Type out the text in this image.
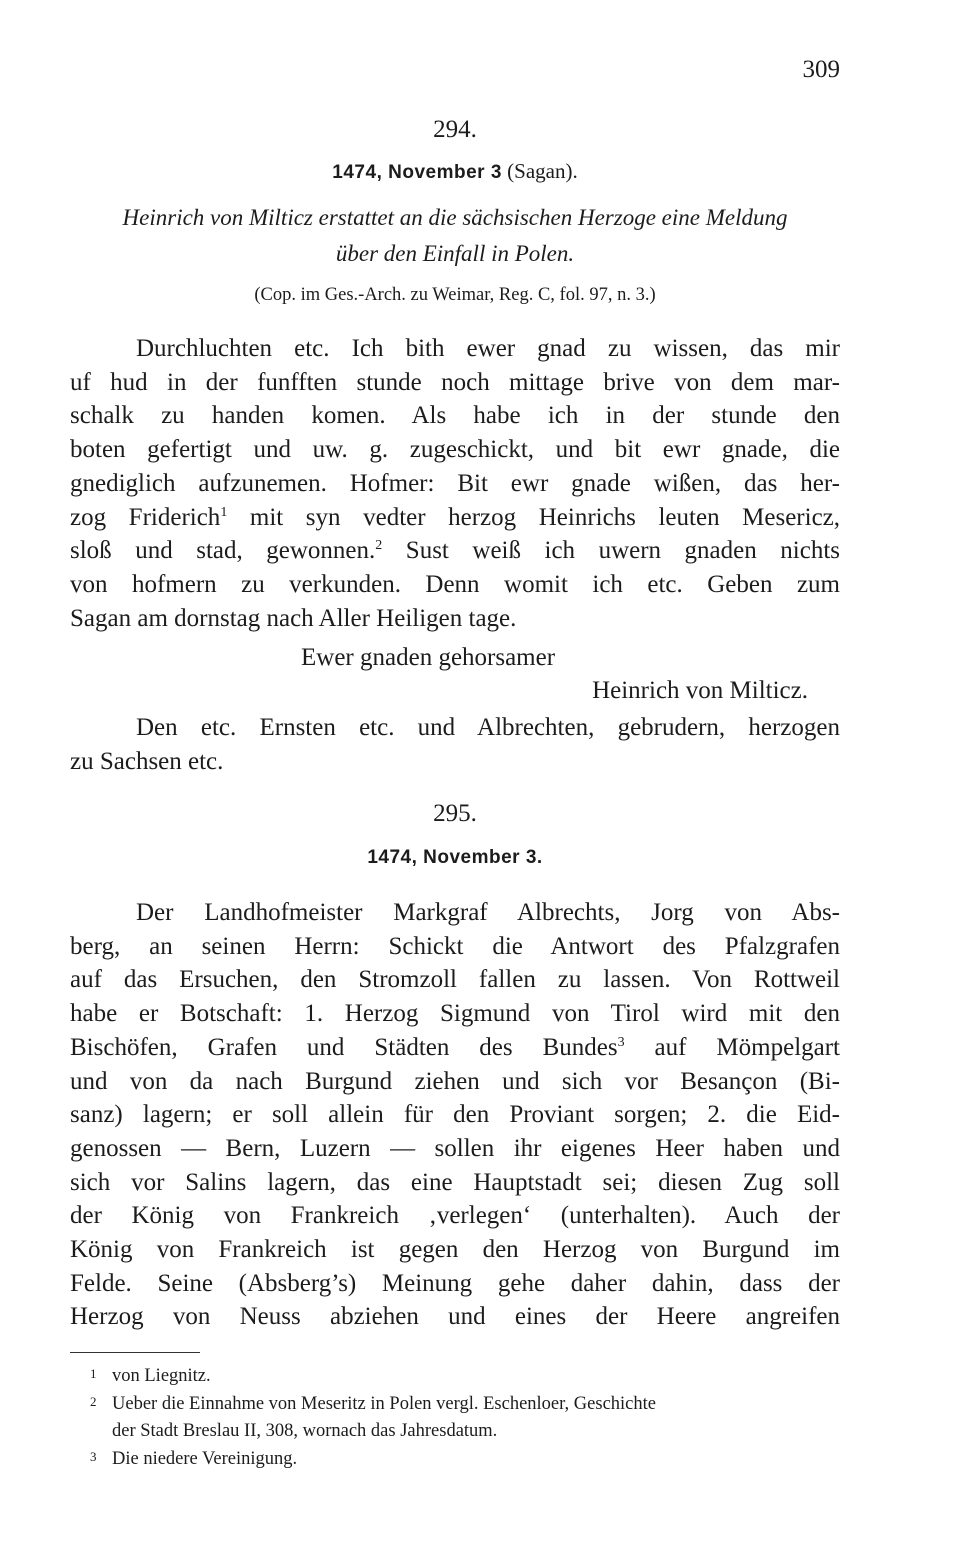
309
294.
1474, November 3 (Sagan).
Heinrich von Milticz erstattet an die sächsischen Herzoge eine Meldung
über den Einfall in Polen.
(Cop. im Ges.-Arch. zu Weimar, Reg. C, fol. 97, n. 3.)
Durchluchten etc. Ich bith ewer gnad zu wissen, das mir
uf hud in der funfften stunde noch mittage brive von dem mar-
schalk zu handen komen. Als habe ich in der stunde den
boten gefertigt und uw. g. zugeschickt, und bit ewr gnade, die
gnediglich aufzunemen. Hofmer: Bit ewr gnade wißen, das her-
zog Friderich$^1$ mit syn vedter herzog Heinrichs leuten Mesericz,
sloß und stad, gewonnen.$^2$ Sust weiß ich uwern gnaden nichts
von hofmern zu verkunden. Denn womit ich etc. Geben zum
Sagan am dornstag nach Aller Heiligen tage.
Ewer gnaden gehorsamer
Heinrich von Milticz.
Den etc. Ernsten etc. und Albrechten, gebrudern, herzogen
zu Sachsen etc.
295.
1474, November 3.
Der Landhofmeister Markgraf Albrechts, Jorg von Abs-
berg, an seinen Herrn: Schickt die Antwort des Pfalzgrafen
auf das Ersuchen, den Stromzoll fallen zu lassen. Von Rottweil
habe er Botschaft: 1. Herzog Sigmund von Tirol wird mit den
Bischöfen, Grafen und Städten des Bundes$^3$ auf Mömpelgart
und von da nach Burgund ziehen und sich vor Besançon (Bi-
sanz) lagern; er soll allein für den Proviant sorgen; 2. die Eid-
genossen — Bern, Luzern — sollen ihr eigenes Heer haben und
sich vor Salins lagern, das eine Hauptstadt sei; diesen Zug soll
der König von Frankreich ‚verlegen‘ (unterhalten). Auch der
König von Frankreich ist gegen den Herzog von Burgund im
Felde. Seine (Absberg’s) Meinung gehe daher dahin, dass der
Herzog von Neuss abziehen und eines der Heere angreifen
1 von Liegnitz.
2 Ueber die Einnahme von Meseritz in Polen vergl. Eschenloer, Geschichte
der Stadt Breslau II, 308, wornach das Jahresdatum.
3 Die niedere Vereinigung.
